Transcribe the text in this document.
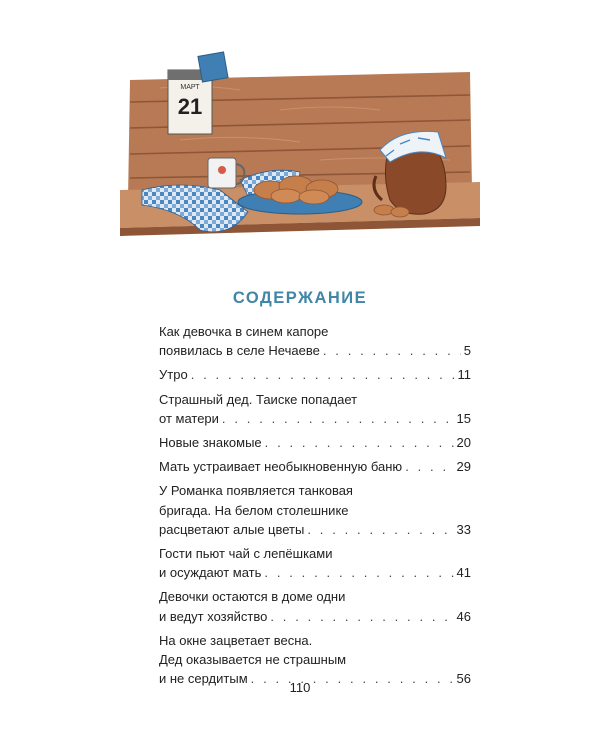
МАРТ
21
СОДЕРЖАНИЕ
Как девочка в синем капоре
появилась в селе Нечаеве . . .	5
Утро . . .	11
Страшный дед. Таиске попадает
от матери . . .	15
Новые знакомые . . .	20
Мать устраивает необыкновенную баню . . .	29
У Романка появляется танковая
бригада. На белом столешнике
расцветают алые цветы . . .	33
Гости пьют чай с лепёшками
и осуждают мать . . .	41
Девочки остаются в доме одни
и ведут хозяйство . . .	46
На окне зацветает весна.
Дед оказывается не страшным
и не сердитым . . .	56
110
